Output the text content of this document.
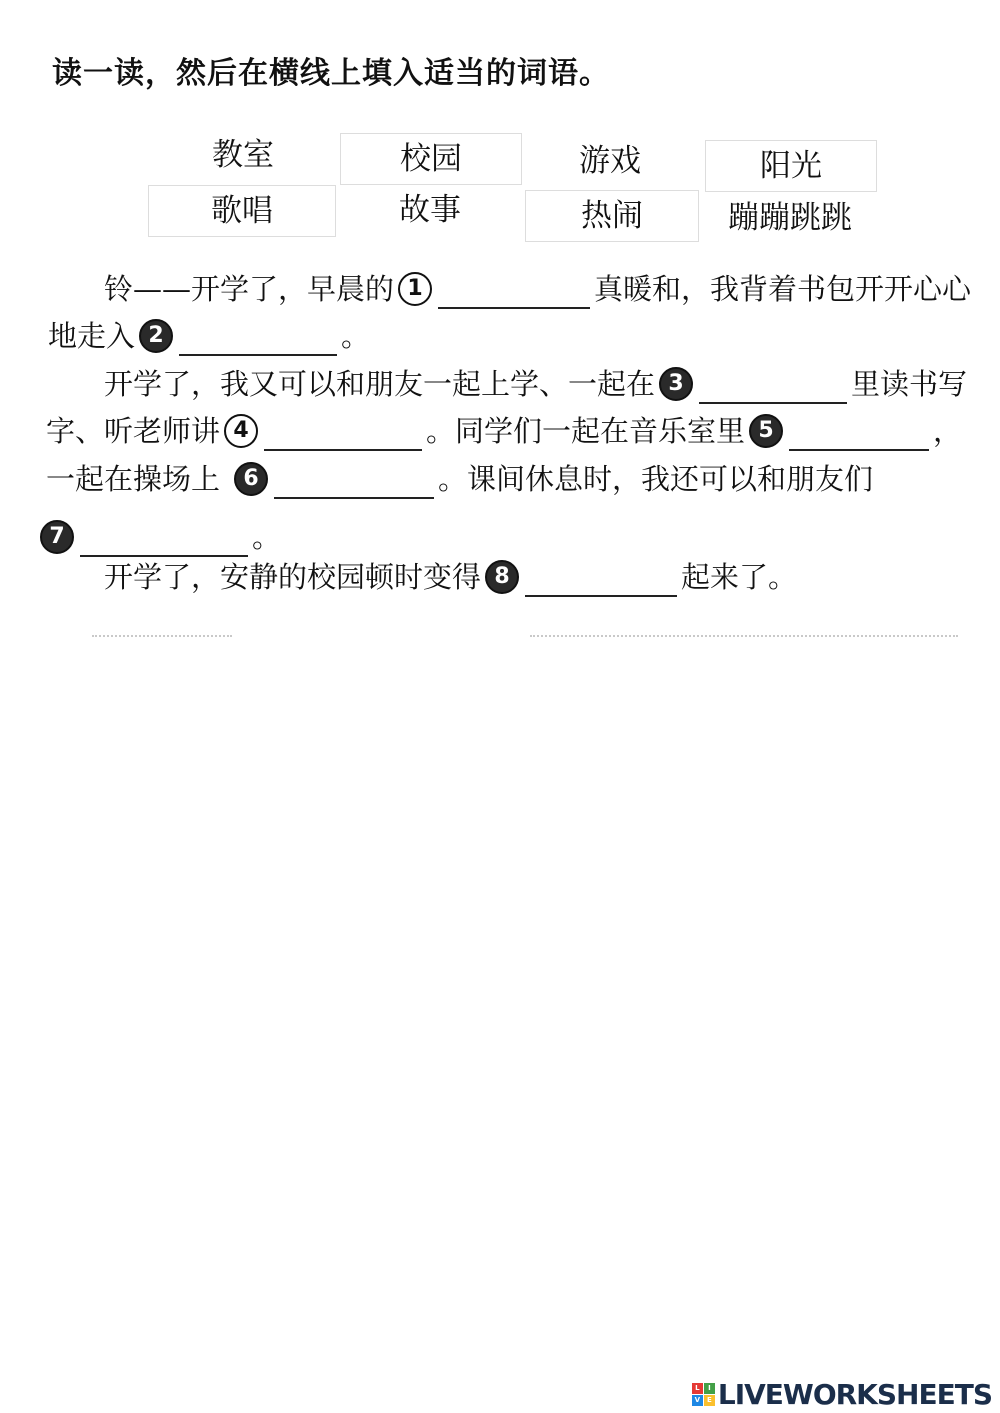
读一读，然后在横线上填入适当的词语。
教室	校园	游戏	阳光
歌唱	故事	热闹	蹦蹦跳跳
铃——开学了，早晨的 1	真暖和，我背着书包开开心心
地走入 2	。
开学了，我又可以和朋友一起上学、一起在 3	里读书写
字、听老师讲 4	。同学们一起在音乐室里 5	，
一起在操场上 6	。课间休息时，我还可以和朋友们
7	。
开学了，安静的校园顿时变得 8	起来了。
L	I
V E LIVEWORKSHEETS
